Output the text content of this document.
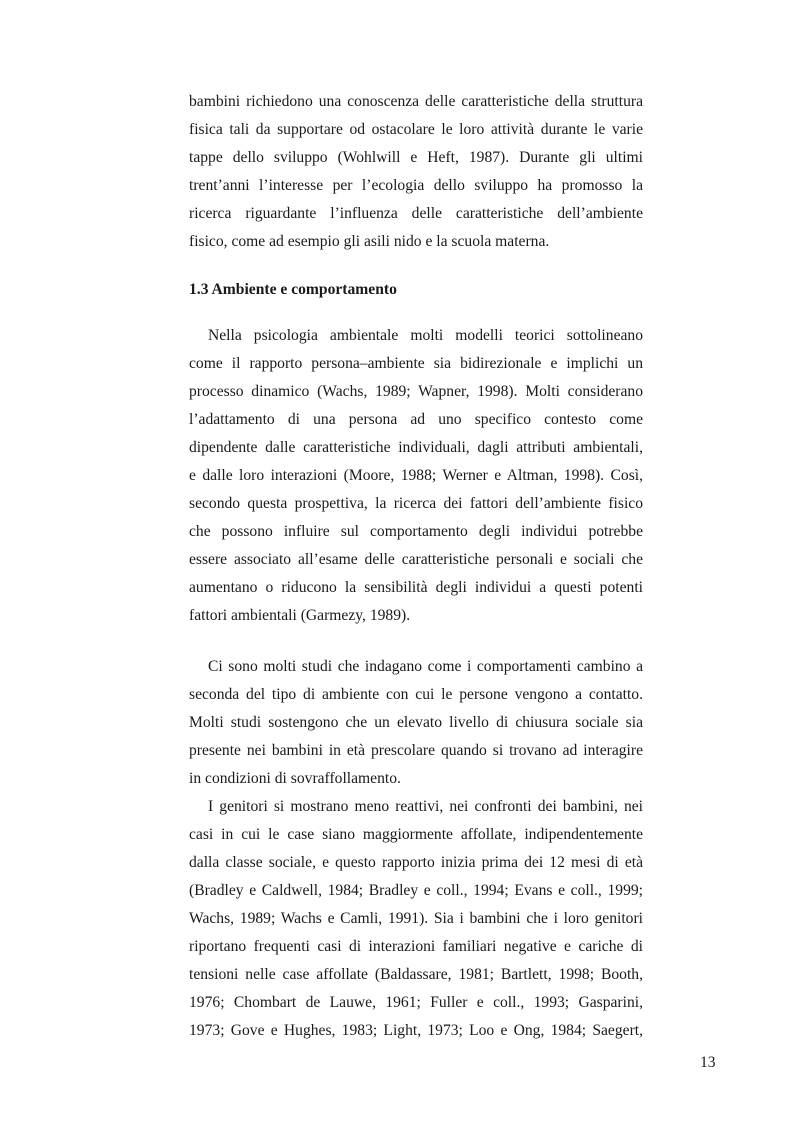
bambini richiedono una conoscenza delle caratteristiche della struttura
fisica tali da supportare od ostacolare le loro attività durante le varie
tappe dello sviluppo (Wohlwill e Heft, 1987). Durante gli ultimi
trent’anni l’interesse per l’ecologia dello sviluppo ha promosso la
ricerca riguardante l’influenza delle caratteristiche dell’ambiente
fisico, come ad esempio gli asili nido e la scuola materna.
1.3 Ambiente e comportamento
Nella psicologia ambientale molti modelli teorici sottolineano
come il rapporto persona–ambiente sia bidirezionale e implichi un
processo dinamico (Wachs, 1989; Wapner, 1998). Molti considerano
l’adattamento di una persona ad uno specifico contesto come
dipendente dalle caratteristiche individuali, dagli attributi ambientali,
e dalle loro interazioni (Moore, 1988; Werner e Altman, 1998). Così,
secondo questa prospettiva, la ricerca dei fattori dell’ambiente fisico
che possono influire sul comportamento degli individui potrebbe
essere associato all’esame delle caratteristiche personali e sociali che
aumentano o riducono la sensibilità degli individui a questi potenti
fattori ambientali (Garmezy, 1989).
Ci sono molti studi che indagano come i comportamenti cambino a
seconda del tipo di ambiente con cui le persone vengono a contatto.
Molti studi sostengono che un elevato livello di chiusura sociale sia
presente nei bambini in età prescolare quando si trovano ad interagire
in condizioni di sovraffollamento.
I genitori si mostrano meno reattivi, nei confronti dei bambini, nei
casi in cui le case siano maggiormente affollate, indipendentemente
dalla classe sociale, e questo rapporto inizia prima dei 12 mesi di età
(Bradley e Caldwell, 1984; Bradley e coll., 1994; Evans e coll., 1999;
Wachs, 1989; Wachs e Camli, 1991). Sia i bambini che i loro genitori
riportano frequenti casi di interazioni familiari negative e cariche di
tensioni nelle case affollate (Baldassare, 1981; Bartlett, 1998; Booth,
1976; Chombart de Lauwe, 1961; Fuller e coll., 1993; Gasparini,
1973; Gove e Hughes, 1983; Light, 1973; Loo e Ong, 1984; Saegert,
13
